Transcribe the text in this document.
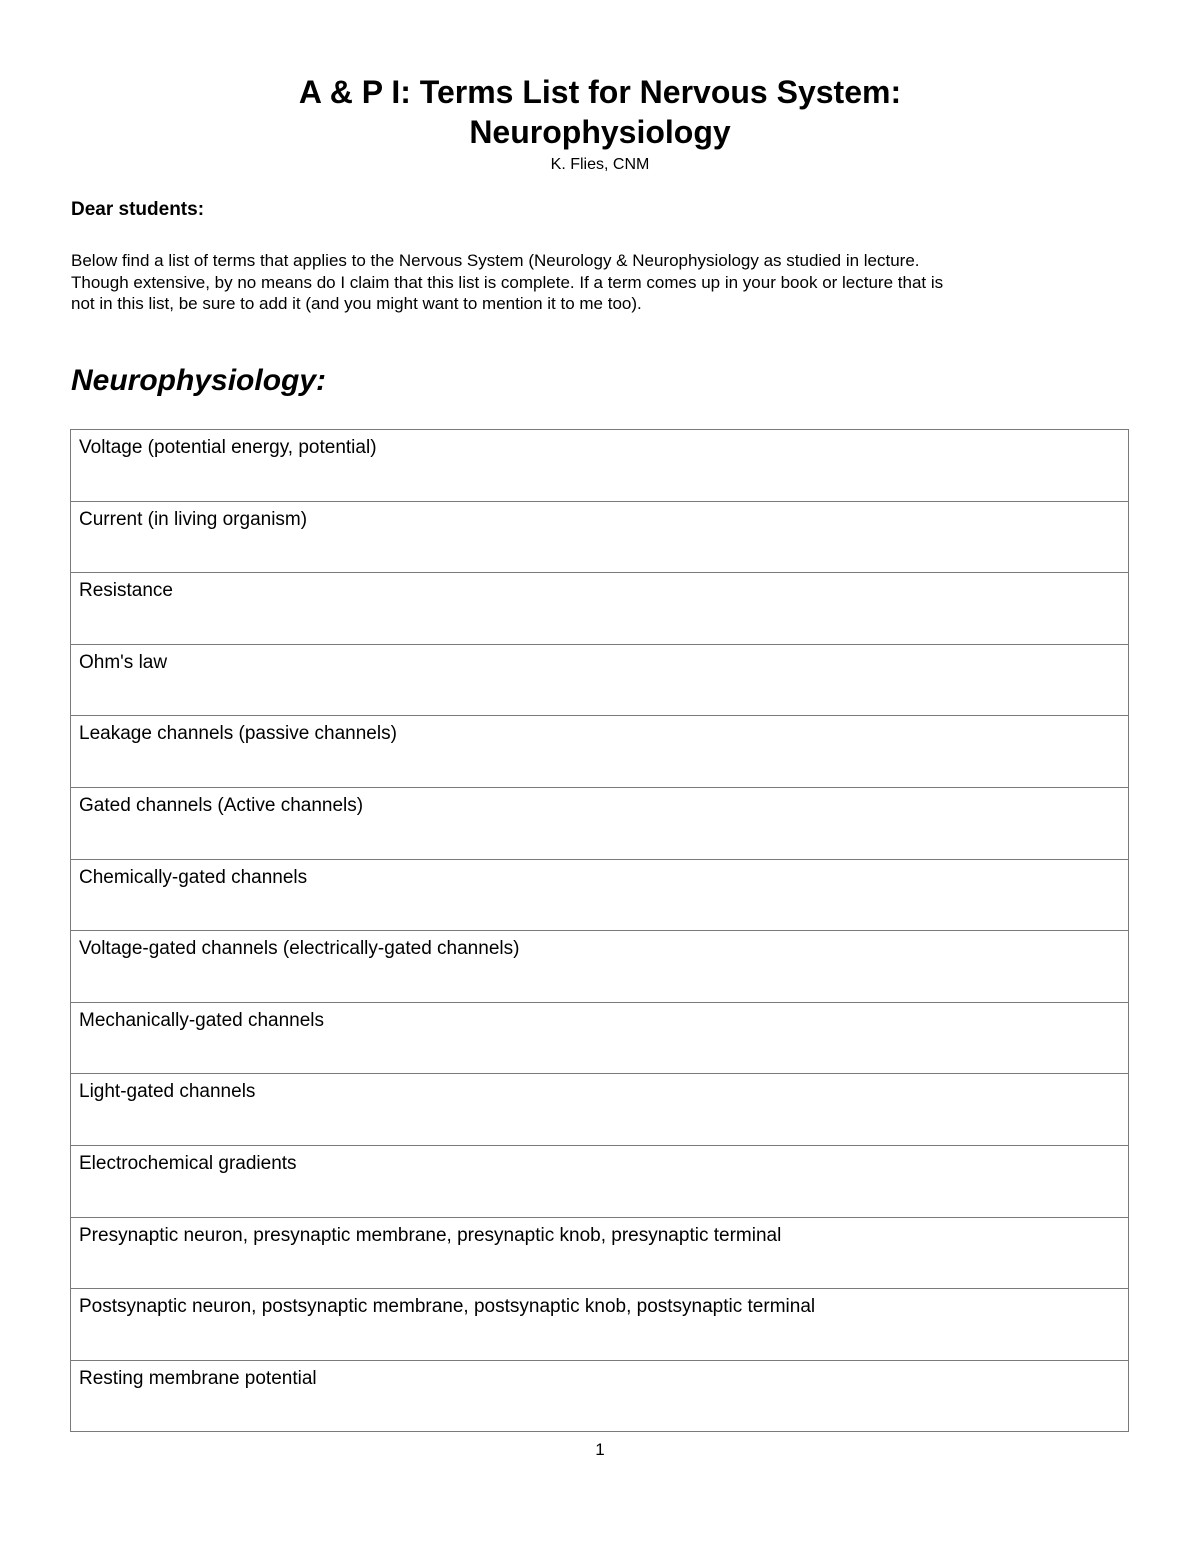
A & P I: Terms List for Nervous System:
Neurophysiology
K. Flies, CNM
Dear students:
Below find a list of terms that applies to the Nervous System (Neurology & Neurophysiology as studied in lecture.
Though extensive, by no means do I claim that this list is complete. If a term comes up in your book or lecture that is
not in this list, be sure to add it (and you might want to mention it to me too).
Neurophysiology:
Voltage (potential energy, potential)
Current (in living organism)
Resistance
Ohm's law
Leakage channels (passive channels)
Gated channels (Active channels)
Chemically-gated channels
Voltage-gated channels (electrically-gated channels)
Mechanically-gated channels
Light-gated channels
Electrochemical gradients
Presynaptic neuron, presynaptic membrane, presynaptic knob, presynaptic terminal
Postsynaptic neuron, postsynaptic membrane, postsynaptic knob, postsynaptic terminal
Resting membrane potential
1
